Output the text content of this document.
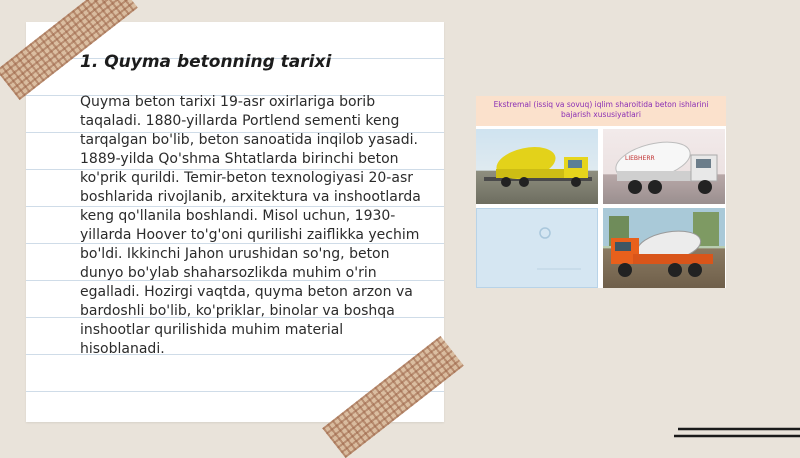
1. Quyma betonning tarixi

Quyma beton tarixi 19-asr oxirlariga borib taqaladi. 1880-yillarda Portlend sementi keng tarqalgan bo'lib, beton sanoatida inqilob yasadi. 1889-yilda Qo'shma Shtatlarda birinchi beton ko'prik qurildi. Temir-beton texnologiyasi 20-asr boshlarida rivojlanib, arxitektura va inshootlarda keng qo'llanila boshlandi. Misol uchun, 1930-yillarda Hoover to'g'oni qurilishi zaiflikka yechim bo'ldi. Ikkinchi Jahon urushidan so'ng, beton dunyo bo'ylab shaharsozlikda muhim o'rin egalladi. Hozirgi vaqtda, quyma beton arzon va bardoshli bo'lib, ko'priklar, binolar va boshqa inshootlar qurilishida muhim material hisoblanadi.

Ekstremal (issiq va sovuq) iqlim sharoitida beton ishlarini bajarish xususiyatlari

LIEBHERR
